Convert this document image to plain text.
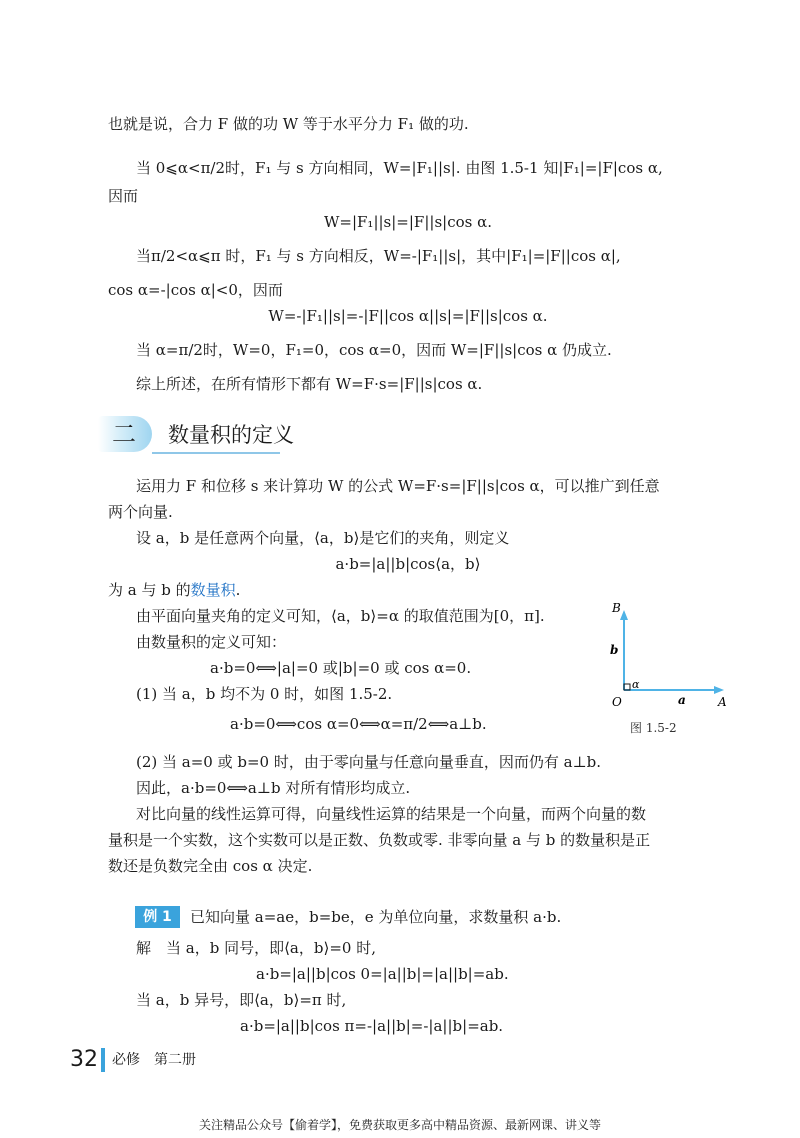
也就是说，合力 F 做的功 W 等于水平分力 F₁ 做的功.
当 0⩽α<π/2时，F₁ 与 s 方向相同，W=|F₁||s|. 由图 1.5-1 知|F₁|=|F|cos α,
因而
W=|F₁||s|=|F||s|cos α.
当π/2<α⩽π 时，F₁ 与 s 方向相反，W=-|F₁||s|，其中|F₁|=|F||cos α|,
cos α=-|cos α|<0，因而
W=-|F₁||s|=-|F||cos α||s|=|F||s|cos α.
当 α=π/2时，W=0，F₁=0，cos α=0，因而 W=|F||s|cos α 仍成立.
综上所述，在所有情形下都有 W=F·s=|F||s|cos α.
二 数量积的定义
运用力 F 和位移 s 来计算功 W 的公式 W=F·s=|F||s|cos α，可以推广到任意
两个向量.
设 a，b 是任意两个向量，⟨a，b⟩是它们的夹角，则定义
a·b=|a||b|cos⟨a，b⟩
为 a 与 b 的数量积.
由平面向量夹角的定义可知，⟨a，b⟩=α 的取值范围为[0，π].
由数量积的定义可知：
a·b=0⟺|a|=0 或|b|=0 或 cos α=0.
(1) 当 a，b 均不为 0 时，如图 1.5-2.
a·b=0⟺cos α=0⟺α=π/2⟺a⊥b.
(2) 当 a=0 或 b=0 时，由于零向量与任意向量垂直，因而仍有 a⊥b.
因此，a·b=0⟺a⊥b 对所有情形均成立.
对比向量的线性运算可得，向量线性运算的结果是一个向量，而两个向量的数
量积是一个实数，这个实数可以是正数、负数或零. 非零向量 a 与 b 的数量积是正
数还是负数完全由 cos α 决定.
B
b
α
O	a	A
图 1.5-2
例 1	已知向量 a=ae，b=be，e 为单位向量，求数量积 a·b.
解　当 a，b 同号，即⟨a，b⟩=0 时,
a·b=|a||b|cos 0=|a||b|=|a||b|=ab.
当 a，b 异号，即⟨a，b⟩=π 时,
a·b=|a||b|cos π=-|a||b|=-|a||b|=ab.
32 必修　第二册
关注精品公众号【偷着学】，免费获取更多高中精品资源、最新网课、讲义等
